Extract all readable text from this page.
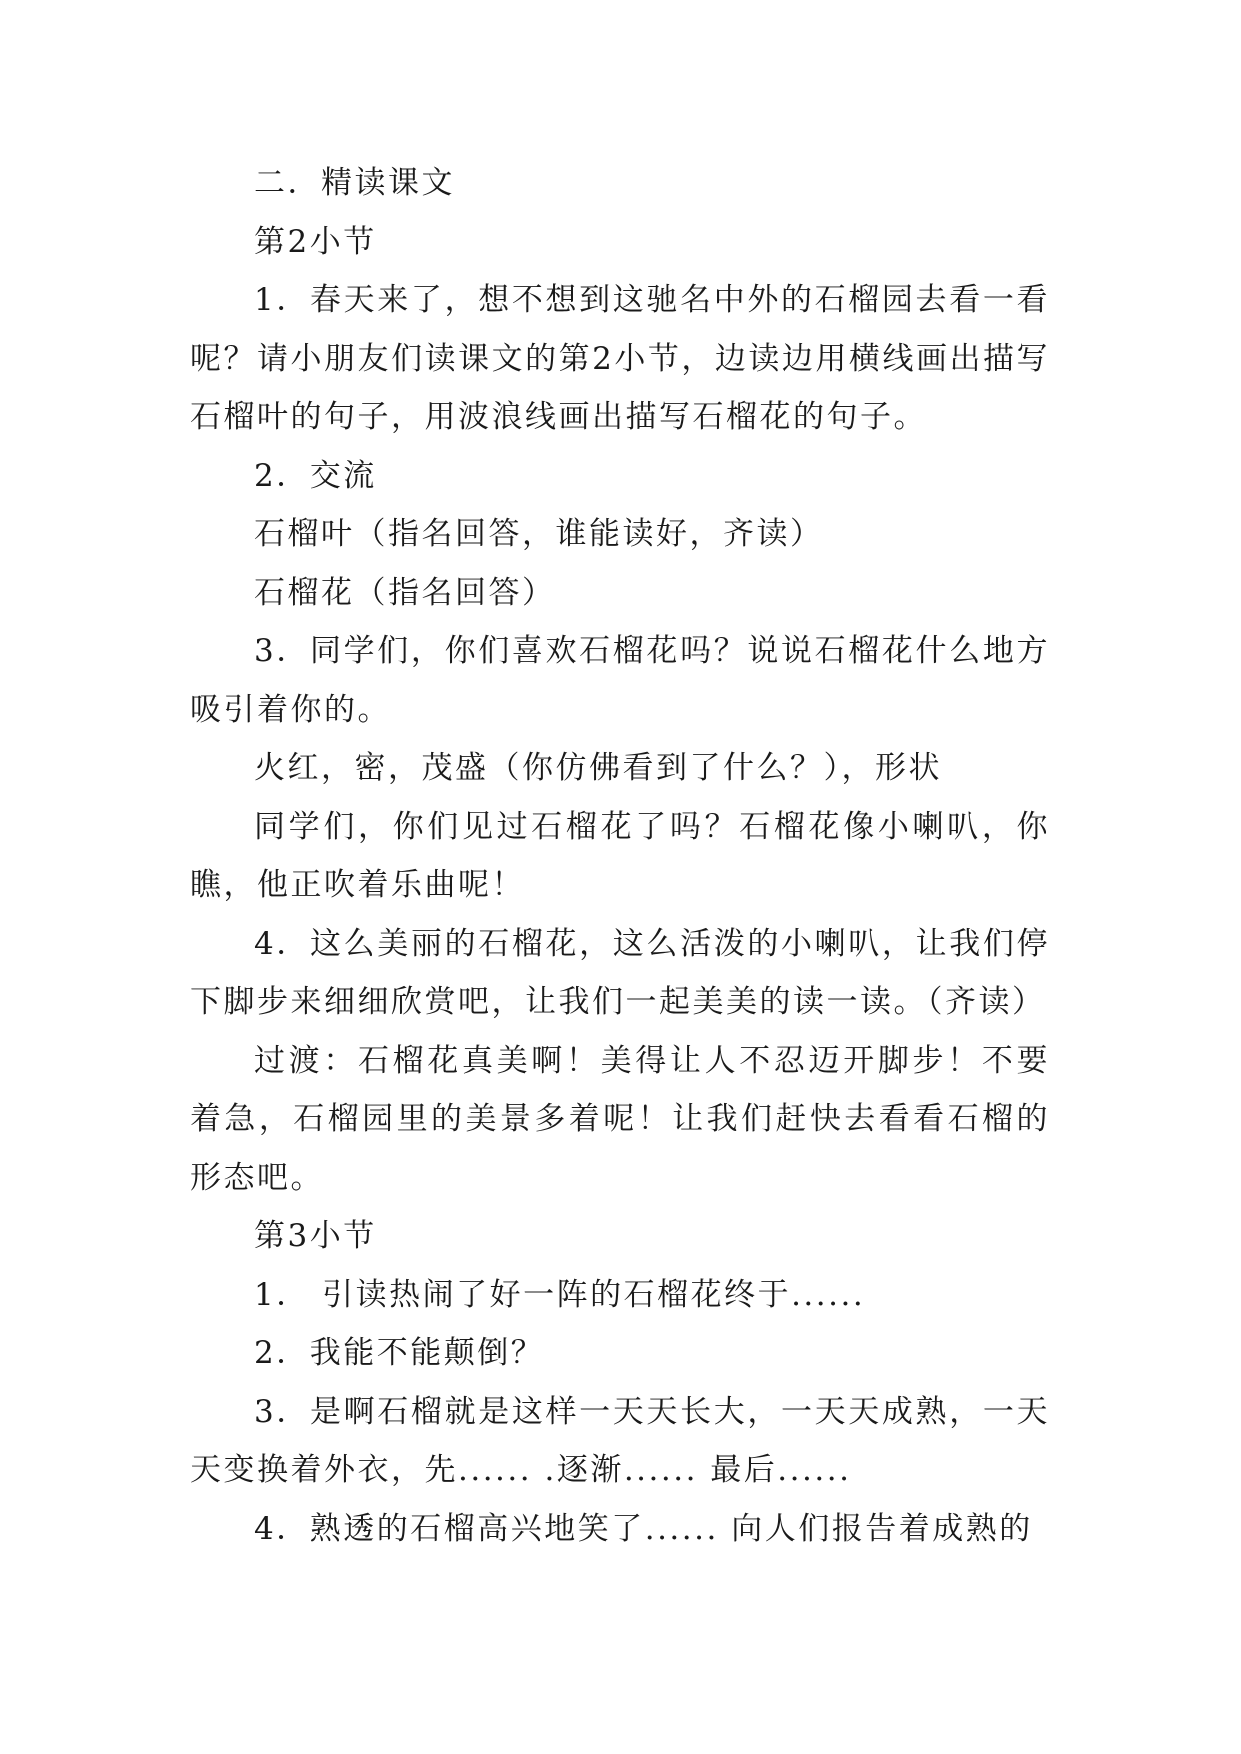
二．精读课文

第2小节

1．春天来了，想不想到这驰名中外的石榴园去看一看呢？请小朋友们读课文的第2小节，边读边用横线画出描写石榴叶的句子，用波浪线画出描写石榴花的句子。

2．交流

石榴叶（指名回答，谁能读好，齐读）

石榴花（指名回答）

3．同学们，你们喜欢石榴花吗？说说石榴花什么地方吸引着你的。

火红，密，茂盛（你仿佛看到了什么？），形状

同学们，你们见过石榴花了吗？石榴花像小喇叭，你瞧，他正吹着乐曲呢！

4．这么美丽的石榴花，这么活泼的小喇叭，让我们停下脚步来细细欣赏吧，让我们一起美美的读一读。（齐读）

过渡：石榴花真美啊！美得让人不忍迈开脚步！不要着急，石榴园里的美景多着呢！让我们赶快去看看石榴的形态吧。

第3小节

1． 引读热闹了好一阵的石榴花终于......

2．我能不能颠倒？

3．是啊石榴就是这样一天天长大，一天天成熟，一天天变换着外衣，先...... .逐渐...... 最后......

4．熟透的石榴高兴地笑了...... 向人们报告着成熟的
